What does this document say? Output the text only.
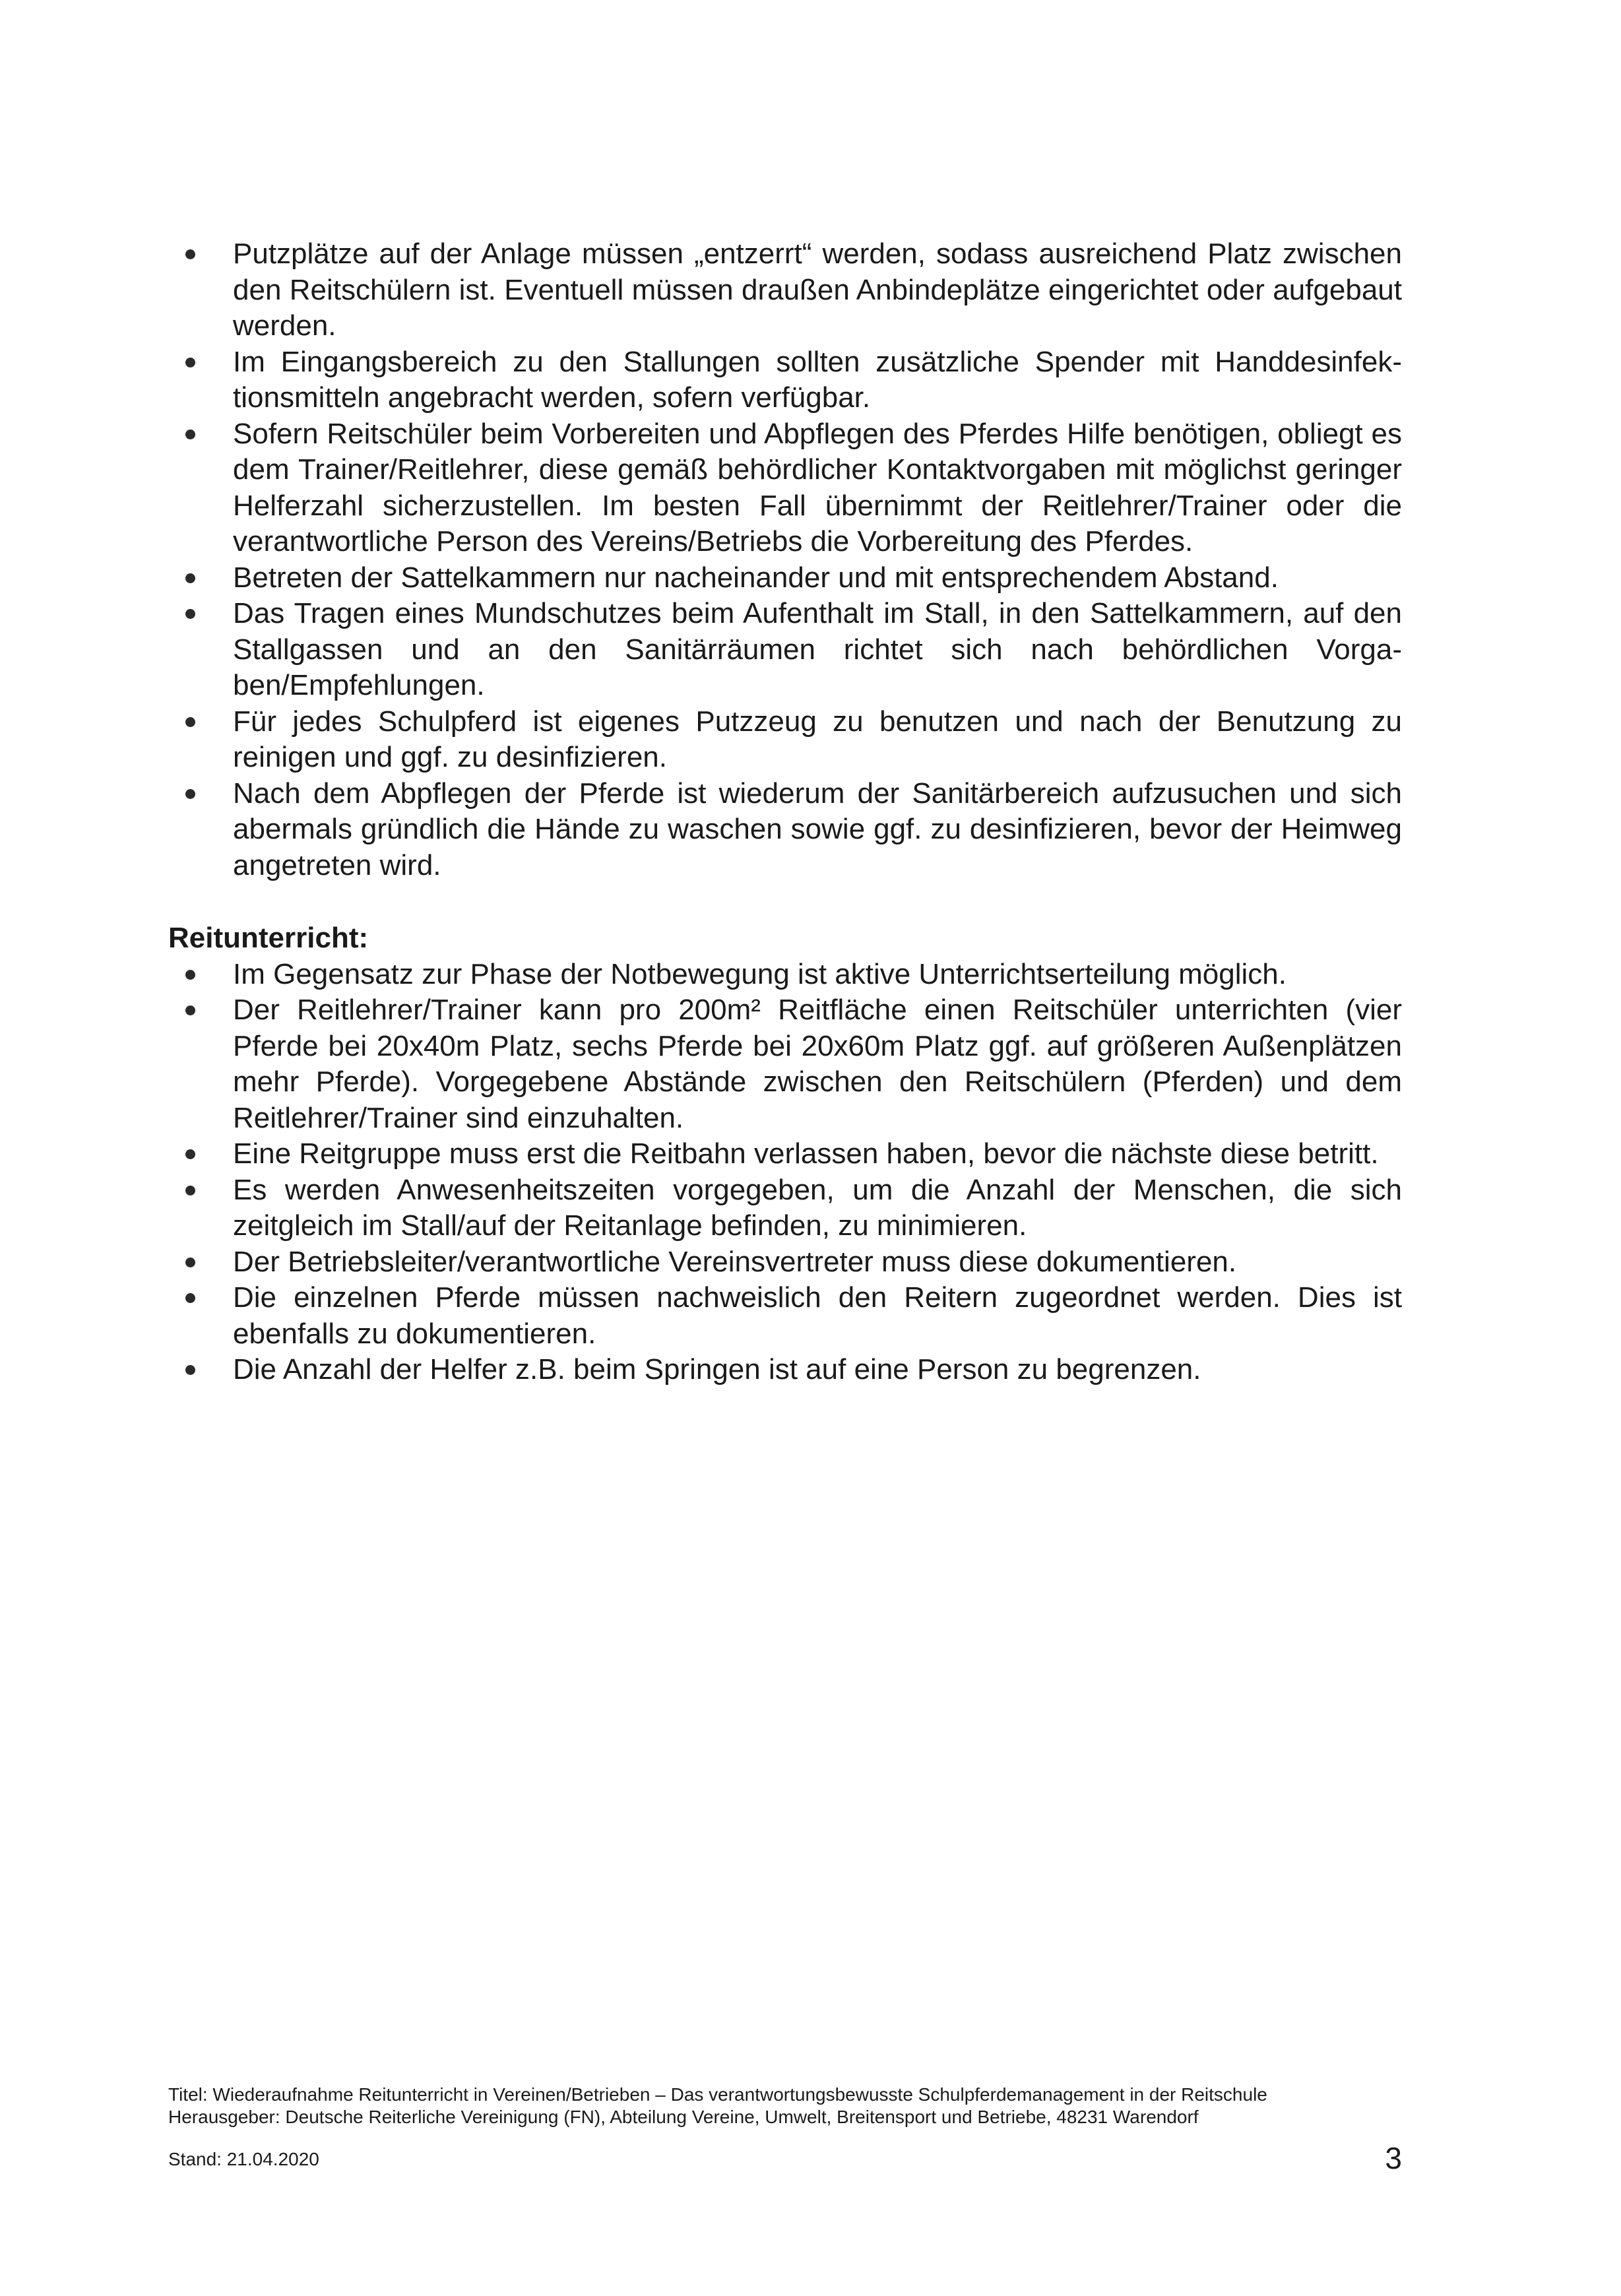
Putzplätze auf der Anlage müssen „entzerrt“ werden, sodass ausreichend Platz zwischen den Reitschülern ist. Eventuell müssen draußen Anbindeplätze eingerichtet oder aufgebaut werden.
Im Eingangsbereich zu den Stallungen sollten zusätzliche Spender mit Handdesinfektionsmitteln angebracht werden, sofern verfügbar.
Sofern Reitschüler beim Vorbereiten und Abpflegen des Pferdes Hilfe benötigen, obliegt es dem Trainer/Reitlehrer, diese gemäß behördlicher Kontaktvorgaben mit möglichst geringer Helferzahl sicherzustellen. Im besten Fall übernimmt der Reitlehrer/Trainer oder die verantwortliche Person des Vereins/Betriebs die Vorbereitung des Pferdes.
Betreten der Sattelkammern nur nacheinander und mit entsprechendem Abstand.
Das Tragen eines Mundschutzes beim Aufenthalt im Stall, in den Sattelkammern, auf den Stallgassen und an den Sanitärräumen richtet sich nach behördlichen Vorgaben/Empfehlungen.
Für jedes Schulpferd ist eigenes Putzzeug zu benutzen und nach der Benutzung zu reinigen und ggf. zu desinfizieren.
Nach dem Abpflegen der Pferde ist wiederum der Sanitärbereich aufzusuchen und sich abermals gründlich die Hände zu waschen sowie ggf. zu desinfizieren, bevor der Heimweg angetreten wird.
Reitunterricht:
Im Gegensatz zur Phase der Notbewegung ist aktive Unterrichtserteilung möglich.
Der Reitlehrer/Trainer kann pro 200m² Reitfläche einen Reitschüler unterrichten (vier Pferde bei 20x40m Platz, sechs Pferde bei 20x60m Platz ggf. auf größeren Außenplätzen mehr Pferde). Vorgegebene Abstände zwischen den Reitschülern (Pferden) und dem Reitlehrer/Trainer sind einzuhalten.
Eine Reitgruppe muss erst die Reitbahn verlassen haben, bevor die nächste diese betritt.
Es werden Anwesenheitszeiten vorgegeben, um die Anzahl der Menschen, die sich zeitgleich im Stall/auf der Reitanlage befinden, zu minimieren.
Der Betriebsleiter/verantwortliche Vereinsvertreter muss diese dokumentieren.
Die einzelnen Pferde müssen nachweislich den Reitern zugeordnet werden. Dies ist ebenfalls zu dokumentieren.
Die Anzahl der Helfer z.B. beim Springen ist auf eine Person zu begrenzen.
Titel: Wiederaufnahme Reitunterricht in Vereinen/Betrieben – Das verantwortungsbewusste Schulpferdemanagement in der Reitschule
Herausgeber: Deutsche Reiterliche Vereinigung (FN), Abteilung Vereine, Umwelt, Breitensport und Betriebe, 48231 Warendorf
Stand: 21.04.2020	3
